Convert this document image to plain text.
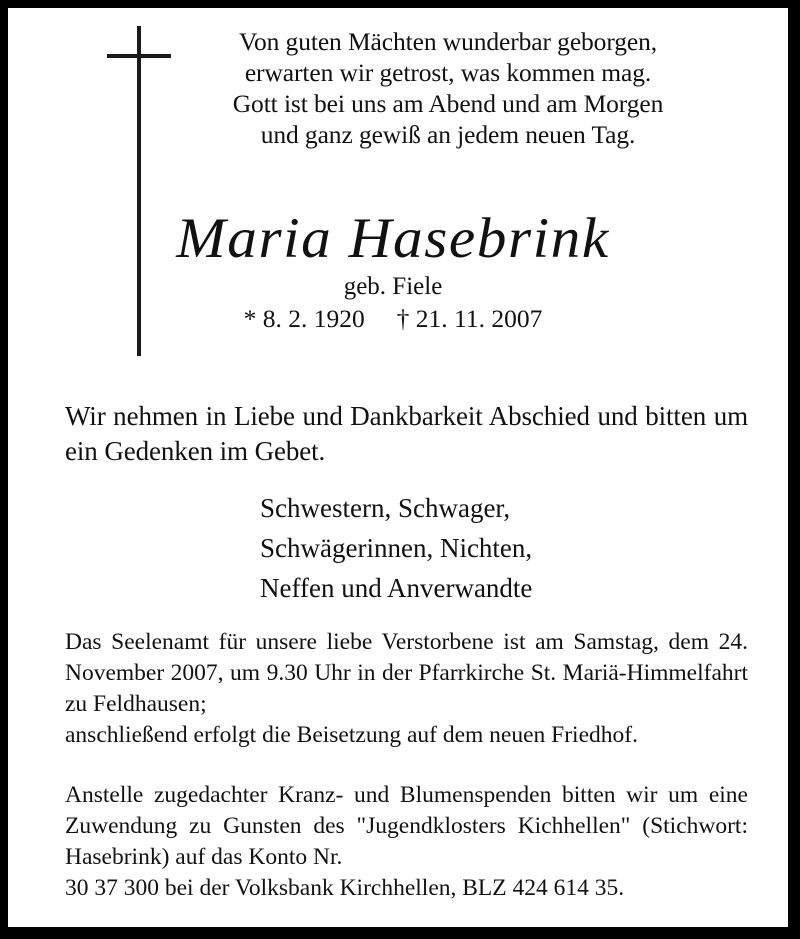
Von guten Mächten wunderbar geborgen,
erwarten wir getrost, was kommen mag.
Gott ist bei uns am Abend und am Morgen
und ganz gewiß an jedem neuen Tag.
Maria Hasebrink
geb. Fiele
* 8. 2. 1920     † 21. 11. 2007
Wir nehmen in Liebe und Dankbarkeit Abschied und bitten um ein Gedenken im Gebet.
Schwestern, Schwager,
Schwägerinnen, Nichten,
Neffen und Anverwandte
Das Seelenamt für unsere liebe Verstorbene ist am Samstag, dem 24. November 2007, um 9.30 Uhr in der Pfarrkirche St. Mariä-Himmelfahrt zu Feldhausen;
anschließend erfolgt die Beisetzung auf dem neuen Friedhof.
Anstelle zugedachter Kranz- und Blumenspenden bitten wir um eine Zuwendung zu Gunsten des "Jugendklosters Kichhellen" (Stichwort: Hasebrink) auf das Konto Nr.
30 37 300 bei der Volksbank Kirchhellen, BLZ 424 614 35.
